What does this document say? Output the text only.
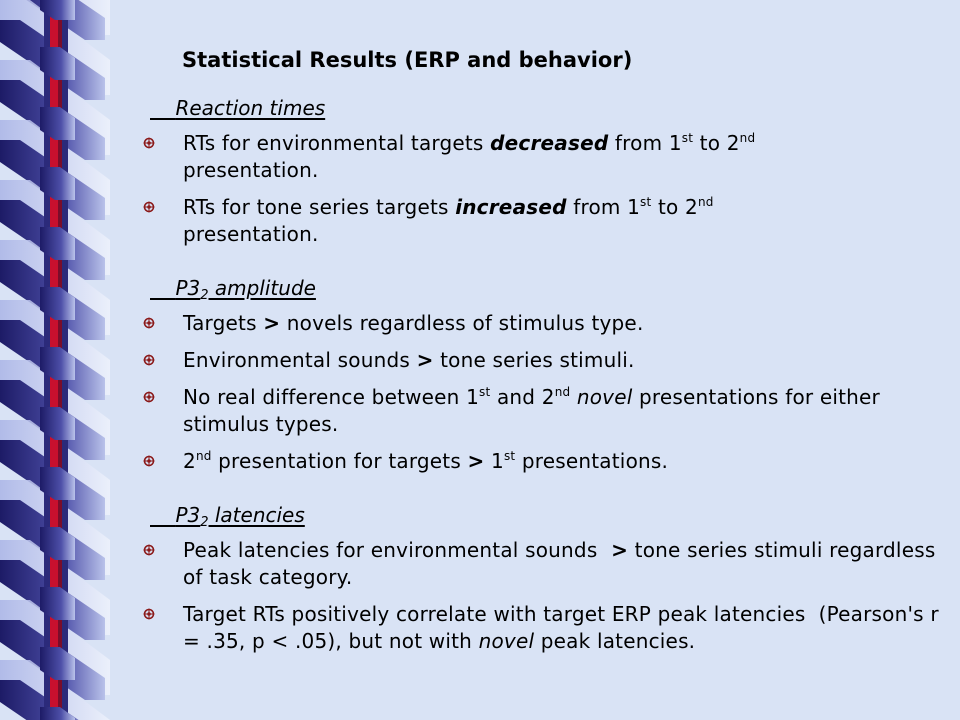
Statistical Results (ERP and behavior)
Reaction times
RTs for environmental targets decreased from 1st to 2nd
presentation.
RTs for tone series targets increased from 1st to 2nd
presentation.
$P3_2$ amplitude
Targets > novels regardless of stimulus type.
Environmental sounds > tone series stimuli.
No real difference between 1st and 2nd novel presentations for either stimulus types.
2nd presentation for targets > 1st presentations.
$P3_2$ latencies
Peak latencies for environmental sounds  > tone series stimuli regardless of task category.
Target RTs positively correlate with target ERP peak latencies  (Pearson's r = .35, p < .05), but not with novel peak latencies.
